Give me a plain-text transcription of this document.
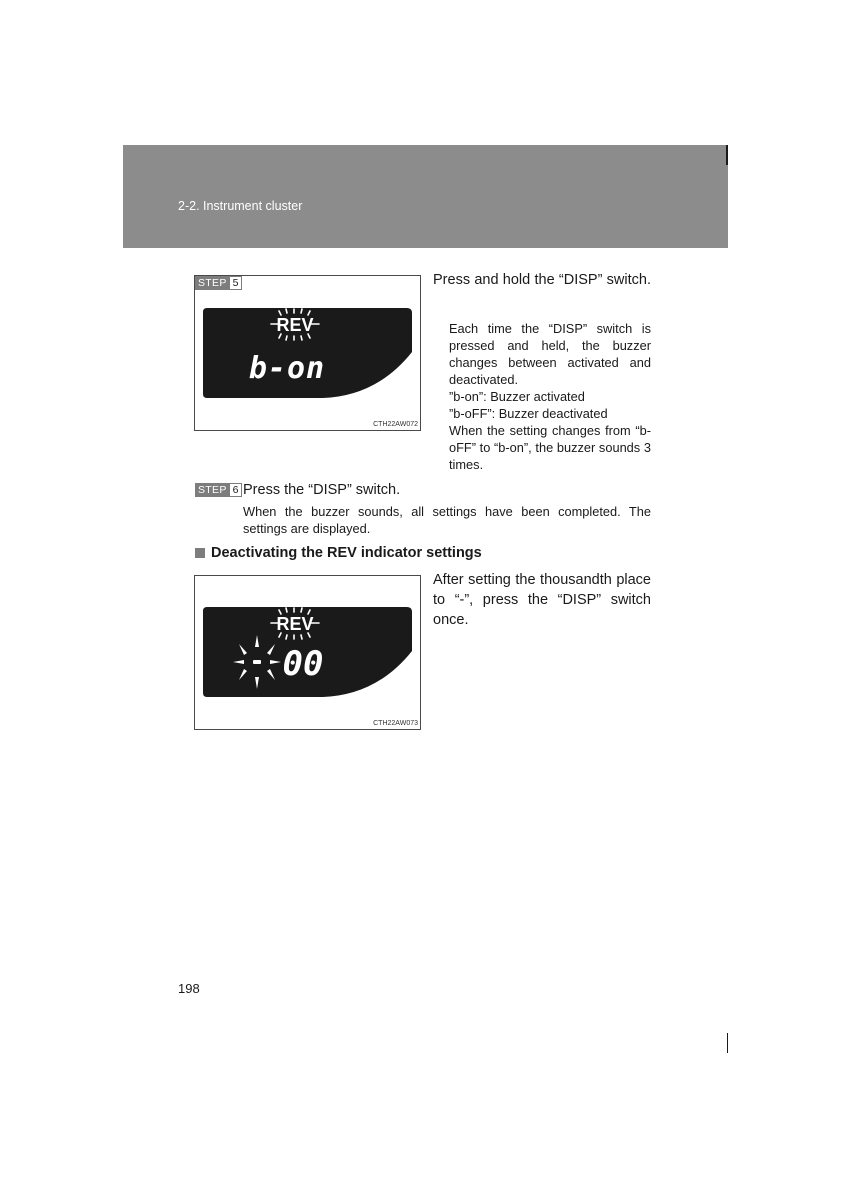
2-2. Instrument cluster
STEP 5
REV
b-on
CTH22AW072
Press and hold the “DISP” switch.
Each time the “DISP” switch is pressed and held, the buzzer changes between activated and deactivated.
”b-on”: Buzzer activated
”b-oFF”: Buzzer deactivated
When the setting changes from “b-oFF” to “b-on”, the buzzer sounds 3 times.
STEP 6 Press the “DISP” switch.
When the buzzer sounds, all settings have been completed. The settings are displayed.
Deactivating the REV indicator settings
REV
00
CTH22AW073
After setting the thousandth place to “-”, press the “DISP” switch once.
198
